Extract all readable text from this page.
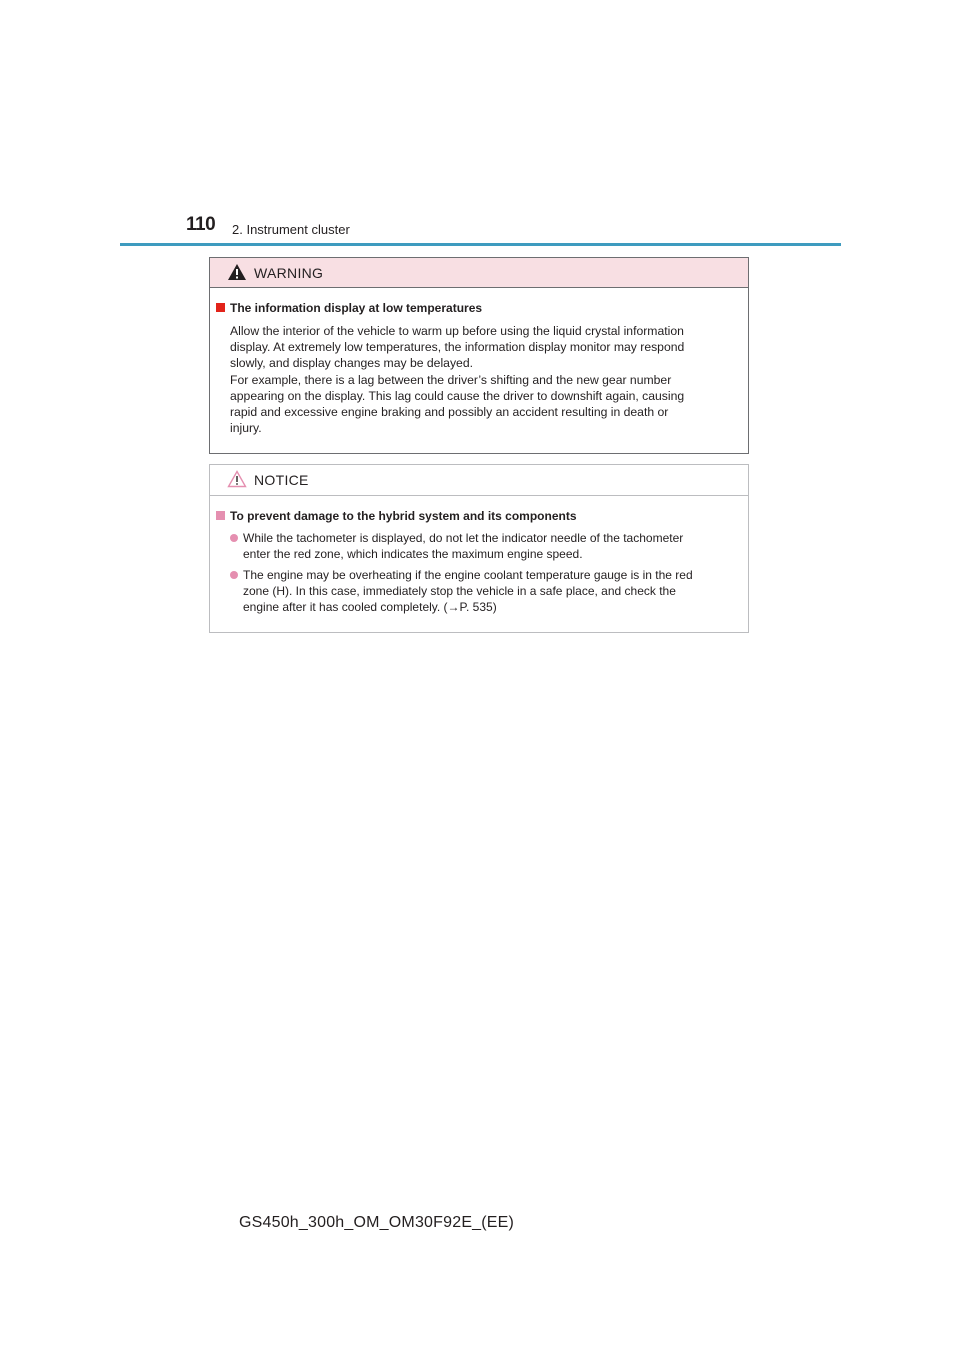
110 2. Instrument cluster
WARNING
The information display at low temperatures
Allow the interior of the vehicle to warm up before using the liquid crystal information
display. At extremely low temperatures, the information display monitor may respond
slowly, and display changes may be delayed.
For example, there is a lag between the driver’s shifting and the new gear number
appearing on the display. This lag could cause the driver to downshift again, causing
rapid and excessive engine braking and possibly an accident resulting in death or
injury.
NOTICE
To prevent damage to the hybrid system and its components
While the tachometer is displayed, do not let the indicator needle of the tachometer
enter the red zone, which indicates the maximum engine speed.
The engine may be overheating if the engine coolant temperature gauge is in the red
zone (H). In this case, immediately stop the vehicle in a safe place, and check the
engine after it has cooled completely. (→P. 535)
GS450h_300h_OM_OM30F92E_(EE)
